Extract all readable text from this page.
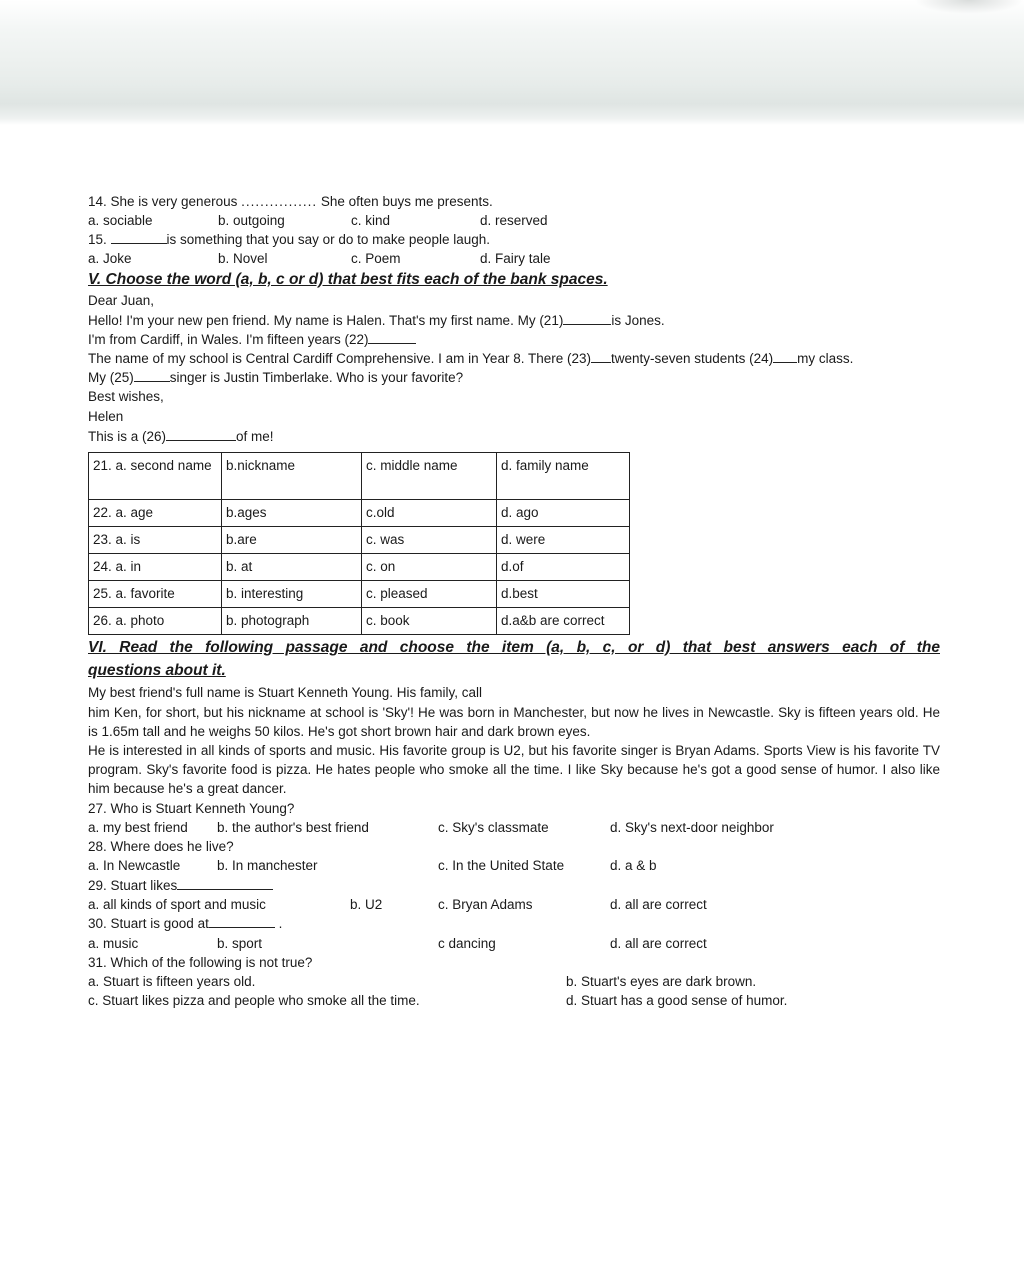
14. She is very generous ................ She often buys me presents.
a. sociable	b. outgoing	c. kind	d. reserved
15.	is something that you say or do to make people laugh.
a. Joke	b. Novel	c. Poem	d. Fairy tale
V. Choose the word (a, b, c or d) that best fits each of the bank spaces.
Dear Juan,
Hello! I'm your new pen friend. My name is Halen. That's my first name. My (21)	is Jones.
I'm from Cardiff, in Wales. I'm fifteen years (22)
The name of my school is Central Cardiff Comprehensive. I am in Year 8. There (23) twenty-seven students (24) my class.
My (25)	singer is Justin Timberlake. Who is your favorite?
Best wishes,
Helen
This is a (26)	of me!
21. a. second name	b.nickname	c. middle name	d. family name
22. a. age	b.ages	c.old	d. ago
23. a. is	b.are	c. was	d. were
24. a. in	b. at	c. on	d.of
25. a. favorite	b. interesting	c. pleased	d.best
26. a. photo	b. photograph	c. book	d.a&b are correct
VI. Read the following passage and choose the item (a, b, c, or d) that best answers each of the
questions about it.
My best friend's full name is Stuart Kenneth Young. His family, call
him Ken, for short, but his nickname at school is 'Sky'! He was born in Manchester, but now he lives in Newcastle. Sky is fifteen years old. He is 1.65m tall and he weighs 50 kilos. He's got short brown hair and dark brown eyes.
He is interested in all kinds of sports and music. His favorite group is U2, but his favorite singer is Bryan Adams. Sports View is his favorite TV program. Sky's favorite food is pizza. He hates people who smoke all the time. I like Sky because he's got a good sense of humor. I also like him because he's a great dancer.
27. Who is Stuart Kenneth Young?
a. my best friend b. the author's best friend	c. Sky's classmate	d. Sky's next-door neighbor
28. Where does he live?
a. In Newcastle	b. In manchester	c. In the United State	d. a & b
29. Stuart likes
a. all kinds of sport and music	b. U2	c. Bryan Adams	d. all are correct
30. Stuart is good at	.
a. music	b. sport	c dancing	d. all are correct
31. Which of the following is not true?
a. Stuart is fifteen years old.	b. Stuart's eyes are dark brown.
c. Stuart likes pizza and people who smoke all the time.	d. Stuart has a good sense of humor.
